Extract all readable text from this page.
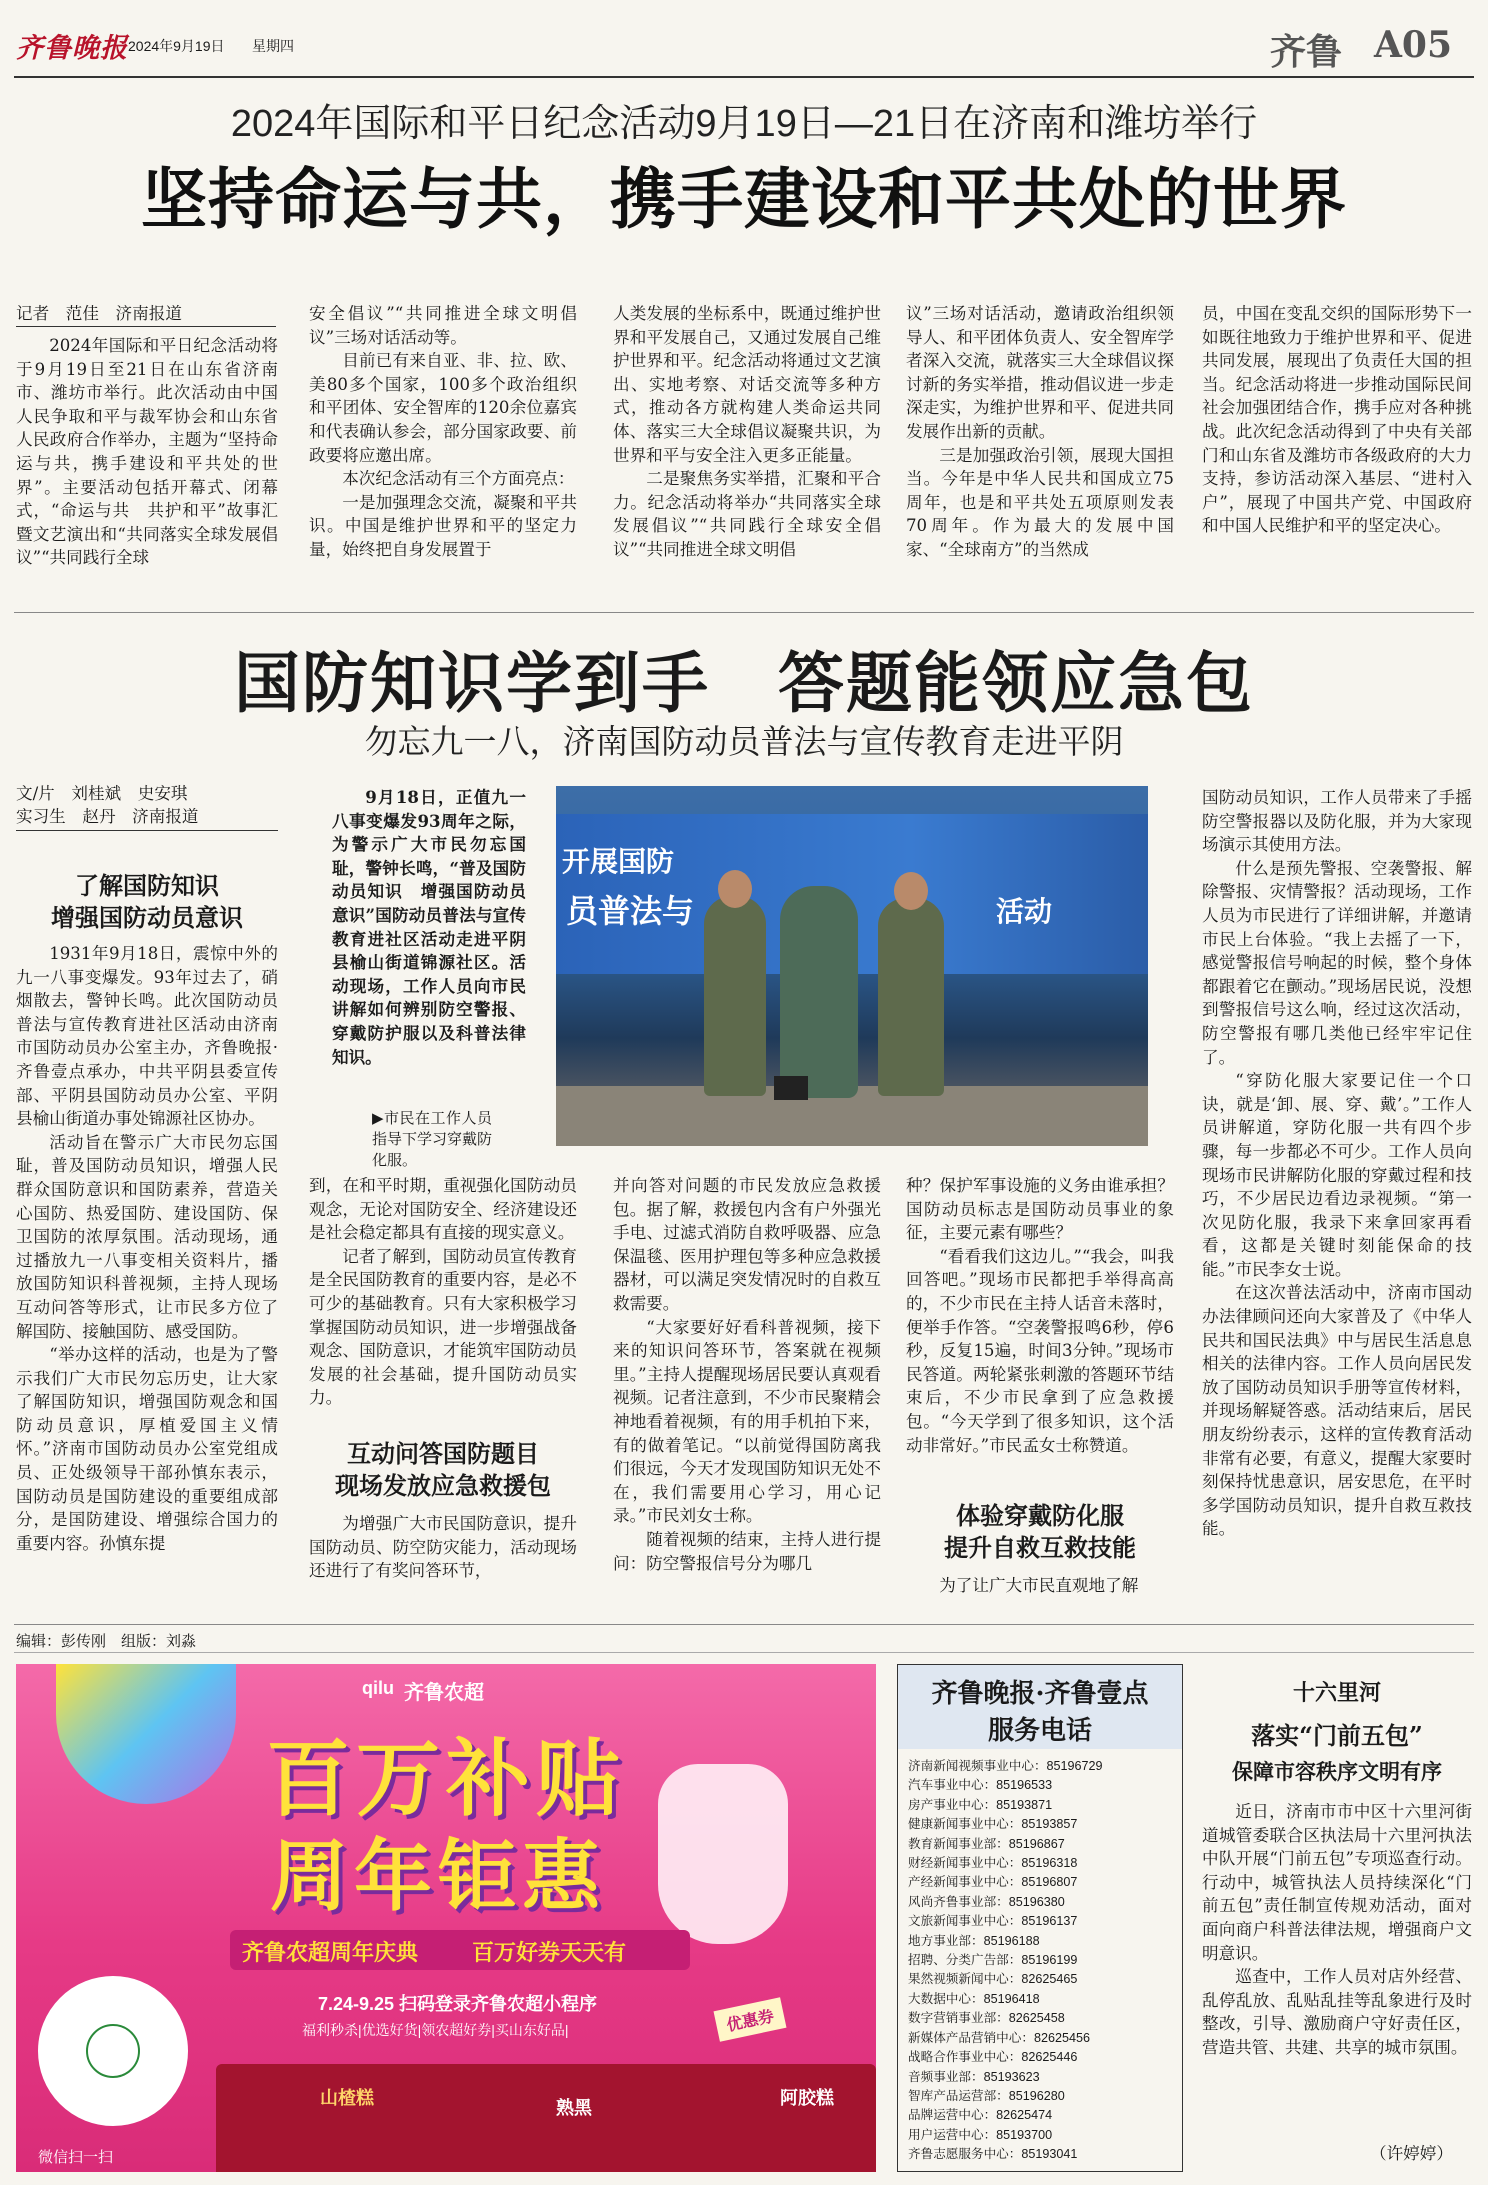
齐鲁晚报 2024年9月19日 星期四	齐鲁 A05
2024年国际和平日纪念活动9月19日—21日在济南和潍坊举行
坚持命运与共，携手建设和平共处的世界
记者　范佳　济南报道

2024年国际和平日纪念活动将于9月19日至21日在山东省济南市、潍坊市举行。此次活动由中国人民争取和平与裁军协会和山东省人民政府合作举办，主题为“坚持命运与共，携手建设和平共处的世界”。主要活动包括开幕式、闭幕式，“命运与共　共护和平”故事汇暨文艺演出和“共同落实全球发展倡议”“共同践行全球

安全倡议”“共同推进全球文明倡议”三场对话活动等。

目前已有来自亚、非、拉、欧、美80多个国家，100多个政治组织和平团体、安全智库的120余位嘉宾和代表确认参会，部分国家政要、前政要将应邀出席。

本次纪念活动有三个方面亮点：

一是加强理念交流，凝聚和平共识。中国是维护世界和平的坚定力量，始终把自身发展置于

人类发展的坐标系中，既通过维护世界和平发展自己，又通过发展自己维护世界和平。纪念活动将通过文艺演出、实地考察、对话交流等多种方式，推动各方就构建人类命运共同体、落实三大全球倡议凝聚共识，为世界和平与安全注入更多正能量。

二是聚焦务实举措，汇聚和平合力。纪念活动将举办“共同落实全球发展倡议”“共同践行全球安全倡议”“共同推进全球文明倡

议”三场对话活动，邀请政治组织领导人、和平团体负责人、安全智库学者深入交流，就落实三大全球倡议探讨新的务实举措，推动倡议进一步走深走实，为维护世界和平、促进共同发展作出新的贡献。

三是加强政治引领，展现大国担当。今年是中华人民共和国成立75周年，也是和平共处五项原则发表70周年。作为最大的发展中国家、“全球南方”的当然成

员，中国在变乱交织的国际形势下一如既往地致力于维护世界和平、促进共同发展，展现出了负责任大国的担当。纪念活动将进一步推动国际民间社会加强团结合作，携手应对各种挑战。此次纪念活动得到了中央有关部门和山东省及潍坊市各级政府的大力支持，参访活动深入基层、“进村入户”，展现了中国共产党、中国政府和中国人民维护和平的坚定决心。

国防知识学到手　答题能领应急包
勿忘九一八，济南国防动员普法与宣传教育走进平阴
文/片　刘桂斌　史安琪
实习生　赵丹　济南报道
了解国防知识
增强国防动员意识

1931年9月18日，震惊中外的九一八事变爆发。93年过去了，硝烟散去，警钟长鸣。此次国防动员普法与宣传教育进社区活动由济南市国防动员办公室主办，齐鲁晚报·齐鲁壹点承办，中共平阴县委宣传部、平阴县国防动员办公室、平阴县榆山街道办事处锦源社区协办。

活动旨在警示广大市民勿忘国耻，普及国防动员知识，增强人民群众国防意识和国防素养，营造关心国防、热爱国防、建设国防、保卫国防的浓厚氛围。活动现场，通过播放九一八事变相关资料片，播放国防知识科普视频，主持人现场互动问答等形式，让市民多方位了解国防、接触国防、感受国防。

“举办这样的活动，也是为了警示我们广大市民勿忘历史，让大家了解国防知识，增强国防观念和国防动员意识，厚植爱国主义情怀。”济南市国防动员办公室党组成员、正处级领导干部孙慎东表示，国防动员是国防建设的重要组成部分，是国防建设、增强综合国力的重要内容。孙慎东提

9月18日，正值九一八事变爆发93周年之际，为警示广大市民勿忘国耻，警钟长鸣，“普及国防动员知识　增强国防动员意识”国防动员普法与宣传教育进社区活动走进平阴县榆山街道锦源社区。活动现场，工作人员向市民讲解如何辨别防空警报、穿戴防护服以及科普法律知识。

▶市民在工作人员指导下学习穿戴防化服。
开展国防
员普法与	活动

到，在和平时期，重视强化国防动员观念，无论对国防安全、经济建设还是社会稳定都具有直接的现实意义。

记者了解到，国防动员宣传教育是全民国防教育的重要内容，是必不可少的基础教育。只有大家积极学习掌握国防动员知识，进一步增强战备观念、国防意识，才能筑牢国防动员发展的社会基础，提升国防动员实力。

互动问答国防题目
现场发放应急救援包

为增强广大市民国防意识，提升国防动员、防空防灾能力，活动现场还进行了有奖问答环节，

并向答对问题的市民发放应急救援包。据了解，救援包内含有户外强光手电、过滤式消防自救呼吸器、应急保温毯、医用护理包等多种应急救援器材，可以满足突发情况时的自救互救需要。

“大家要好好看科普视频，接下来的知识问答环节，答案就在视频里。”主持人提醒现场居民要认真观看视频。记者注意到，不少市民聚精会神地看着视频，有的用手机拍下来，有的做着笔记。“以前觉得国防离我们很远，今天才发现国防知识无处不在，我们需要用心学习，用心记录。”市民刘女士称。

随着视频的结束，主持人进行提问：防空警报信号分为哪几

种？保护军事设施的义务由谁承担？国防动员标志是国防动员事业的象征，主要元素有哪些？

“看看我们这边儿。”“我会，叫我回答吧。”现场市民都把手举得高高的，不少市民在主持人话音未落时，便举手作答。“空袭警报鸣6秒，停6秒，反复15遍，时间3分钟。”现场市民答道。两轮紧张刺激的答题环节结束后，不少市民拿到了应急救援包。“今天学到了很多知识，这个活动非常好。”市民孟女士称赞道。

体验穿戴防化服
提升自救互救技能

为了让广大市民直观地了解

国防动员知识，工作人员带来了手摇防空警报器以及防化服，并为大家现场演示其使用方法。

什么是预先警报、空袭警报、解除警报、灾情警报？活动现场，工作人员为市民进行了详细讲解，并邀请市民上台体验。“我上去摇了一下，感觉警报信号响起的时候，整个身体都跟着它在颤动。”现场居民说，没想到警报信号这么响，经过这次活动，防空警报有哪几类他已经牢牢记住了。

“穿防化服大家要记住一个口诀，就是‘卸、展、穿、戴’。”工作人员讲解道，穿防化服一共有四个步骤，每一步都必不可少。工作人员向现场市民讲解防化服的穿戴过程和技巧，不少居民边看边录视频。“第一次见防化服，我录下来拿回家再看看，这都是关键时刻能保命的技能。”市民李女士说。

在这次普法活动中，济南市国动办法律顾问还向大家普及了《中华人民共和国民法典》中与居民生活息息相关的法律内容。工作人员向居民发放了国防动员知识手册等宣传材料，并现场解疑答惑。活动结束后，居民朋友纷纷表示，这样的宣传教育活动非常有必要，有意义，提醒大家要时刻保持忧患意识，居安思危，在平时多学国防动员知识，提升自救互救技能。

编辑：彭传刚　组版：刘淼
qilu 齐鲁农超
百万补贴
周年钜惠
齐鲁农超周年庆典 百万好券天天有
7.24-9.25 扫码登录齐鲁农超小程序
福利秒杀|优选好货|领农超好券|买山东好品|
微信扫一扫
优惠券
山楂糕	熟黑	阿胶糕
齐鲁晚报·齐鲁壹点
服务电话
济南新闻视频事业中心：85196729
汽车事业中心：85196533
房产事业中心：85193871
健康新闻事业中心：85193857
教育新闻事业部：85196867
财经新闻事业中心：85196318
产经新闻事业中心：85196807
风尚齐鲁事业部：85196380
文旅新闻事业中心：85196137
地方事业部：85196188
招聘、分类广告部：85196199
果然视频新闻中心：82625465
大数据中心：85196418
数字营销事业部：82625458
新媒体产品营销中心：82625456
战略合作事业中心：82625446
音频事业部：85193623
智库产品运营部：85196280
品牌运营中心：82625474
用户运营中心：85193700
齐鲁志愿服务中心：85193041
十六里河
落实“门前五包”
保障市容秩序文明有序

近日，济南市市中区十六里河街道城管委联合区执法局十六里河执法中队开展“门前五包”专项巡查行动。行动中，城管执法人员持续深化“门前五包”责任制宣传规劝活动，面对面向商户科普法律法规，增强商户文明意识。

巡查中，工作人员对店外经营、乱停乱放、乱贴乱挂等乱象进行及时整改，引导、激励商户守好责任区，营造共管、共建、共享的城市氛围。

（许婷婷）
